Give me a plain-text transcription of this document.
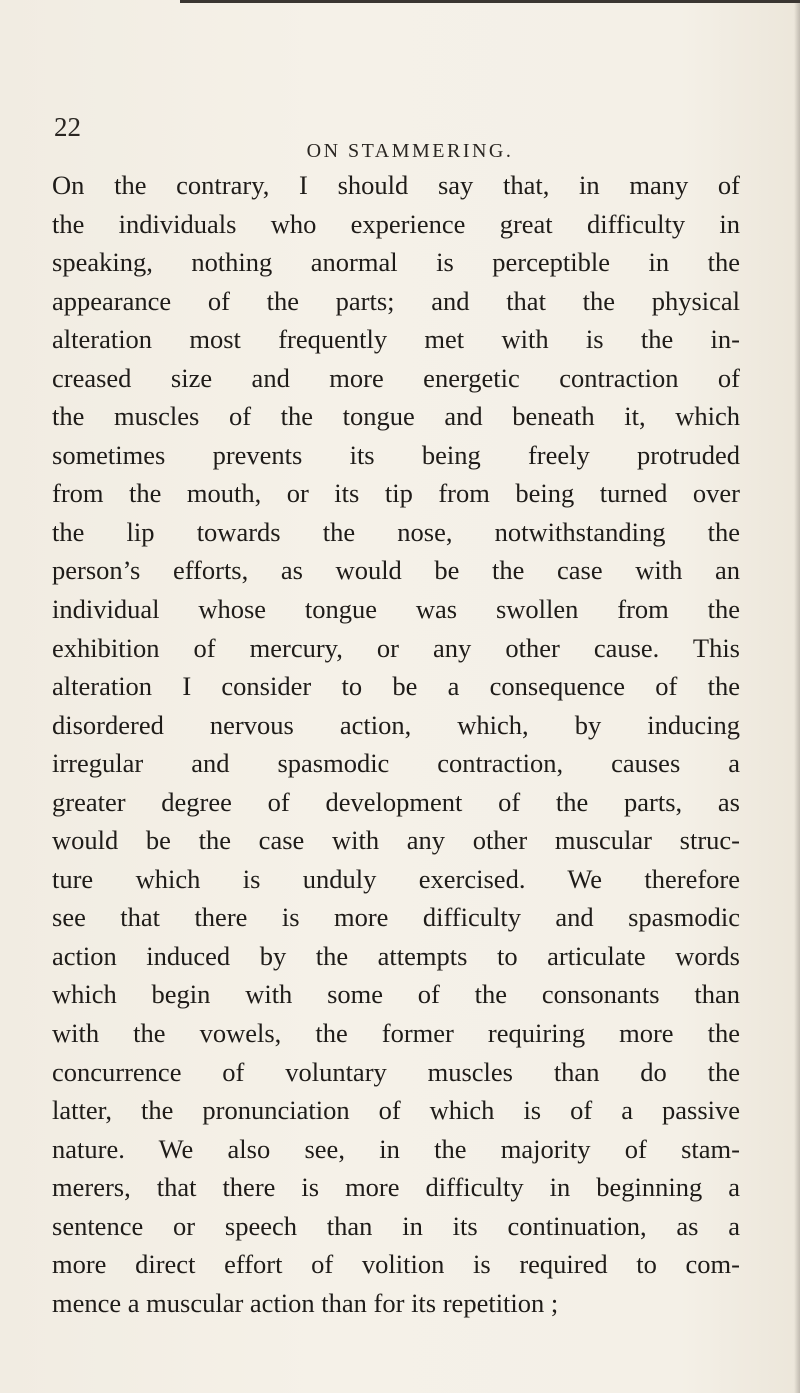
22
ON STAMMERING.
On the contrary, I should say that, in many of
the individuals who experience great difficulty in
speaking, nothing anormal is perceptible in the
appearance of the parts; and that the physical
alteration most frequently met with is the in-
creased size and more energetic contraction of
the muscles of the tongue and beneath it, which
sometimes prevents its being freely protruded
from the mouth, or its tip from being turned over
the lip towards the nose, notwithstanding the
person’s efforts, as would be the case with an
individual whose tongue was swollen from the
exhibition of mercury, or any other cause. This
alteration I consider to be a consequence of the
disordered nervous action, which, by inducing
irregular and spasmodic contraction, causes a
greater degree of development of the parts, as
would be the case with any other muscular struc-
ture which is unduly exercised. We therefore
see that there is more difficulty and spasmodic
action induced by the attempts to articulate words
which begin with some of the consonants than
with the vowels, the former requiring more the
concurrence of voluntary muscles than do the
latter, the pronunciation of which is of a passive
nature. We also see, in the majority of stam-
merers, that there is more difficulty in beginning a
sentence or speech than in its continuation, as a
more direct effort of volition is required to com-
mence a muscular action than for its repetition ;
